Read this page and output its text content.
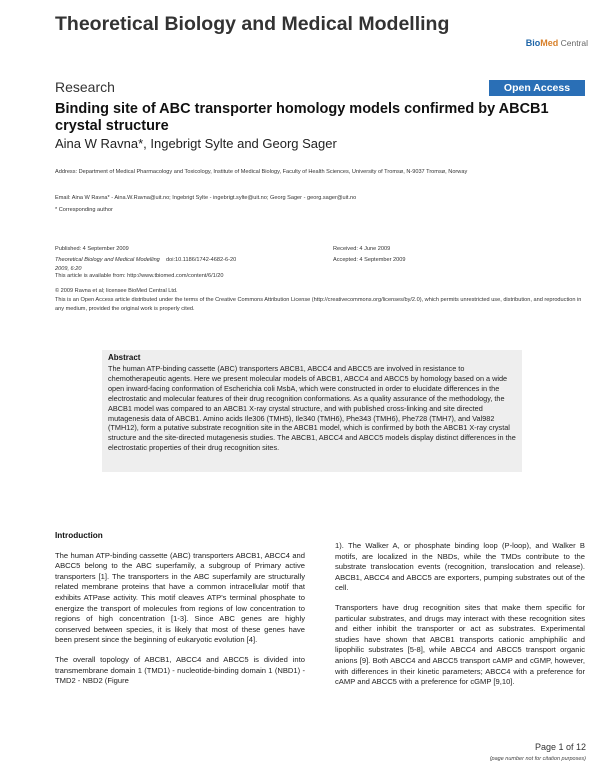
Theoretical Biology and Medical Modelling
BioMed Central
Research	Open Access
Binding site of ABC transporter homology models confirmed by ABCB1 crystal structure
Aina W Ravna*, Ingebrigt Sylte and Georg Sager
Address: Department of Medical Pharmacology and Toxicology, Institute of Medical Biology, Faculty of Health Sciences, University of Tromsø, N-9037 Tromsø, Norway
Email: Aina W Ravna* - Aina.W.Ravna@uit.no; Ingebrigt Sylte - ingebrigt.sylte@uit.no; Georg Sager - georg.sager@uit.no
* Corresponding author
Published: 4 September 2009
Theoretical Biology and Medical Modelling 2009, 6:20
doi:10.1186/1742-4682-6-20
Received: 4 June 2009
Accepted: 4 September 2009
This article is available from: http://www.tbiomed.com/content/6/1/20
© 2009 Ravna et al; licensee BioMed Central Ltd.
This is an Open Access article distributed under the terms of the Creative Commons Attribution License (http://creativecommons.org/licenses/by/2.0), which permits unrestricted use, distribution, and reproduction in any medium, provided the original work is properly cited.
Abstract

The human ATP-binding cassette (ABC) transporters ABCB1, ABCC4 and ABCC5 are involved in resistance to chemotherapeutic agents. Here we present molecular models of ABCB1, ABCC4 and ABCC5 by homology based on a wide open inward-facing conformation of Escherichia coli MsbA, which were constructed in order to elucidate differences in the electrostatic and molecular features of their drug recognition conformations. As a quality assurance of the methodology, the ABCB1 model was compared to an ABCB1 X-ray crystal structure, and with published cross-linking and site directed mutagenesis data of ABCB1. Amino acids Ile306 (TMH5), Ile340 (TMH6), Phe343 (TMH6), Phe728 (TMH7), and Val982 (TMH12), form a putative substrate recognition site in the ABCB1 model, which is confirmed by both the ABCB1 X-ray crystal structure and the site-directed mutagenesis studies. The ABCB1, ABCC4 and ABCC5 models display distinct differences in the electrostatic properties of their drug recognition sites.

Introduction

The human ATP-binding cassette (ABC) transporters ABCB1, ABCC4 and ABCC5 belong to the ABC superfamily, a subgroup of Primary active transporters [1]. The transporters in the ABC superfamily are structurally related membrane proteins that have a common intracellular motif that exhibits ATPase activity. This motif cleaves ATP's terminal phosphate to energize the transport of molecules from regions of low concentration to regions of high concentration [1-3]. Since ABC genes are highly conserved between species, it is likely that most of these genes have been present since the beginning of eukaryotic evolution [4].

The overall topology of ABCB1, ABCC4 and ABCC5 is divided into transmembrane domain 1 (TMD1) - nucleotide-binding domain 1 (NBD1) - TMD2 - NBD2 (Figure

1). The Walker A, or phosphate binding loop (P-loop), and Walker B motifs, are localized in the NBDs, while the TMDs contribute to the substrate translocation events (recognition, translocation and release). ABCB1, ABCC4 and ABCC5 are exporters, pumping substrates out of the cell.

Transporters have drug recognition sites that make them specific for particular substrates, and drugs may interact with these recognition sites and either inhibit the transporter or act as substrates. Experimental studies have shown that ABCB1 transports cationic amphiphilic and lipophilic substrates [5-8], while ABCC4 and ABCC5 transport organic anions [9]. Both ABCC4 and ABCC5 transport cAMP and cGMP, however, with differences in their kinetic parameters; ABCC4 with a preference for cAMP and ABCC5 with a preference for cGMP [9,10].

Page 1 of 12
(page number not for citation purposes)
